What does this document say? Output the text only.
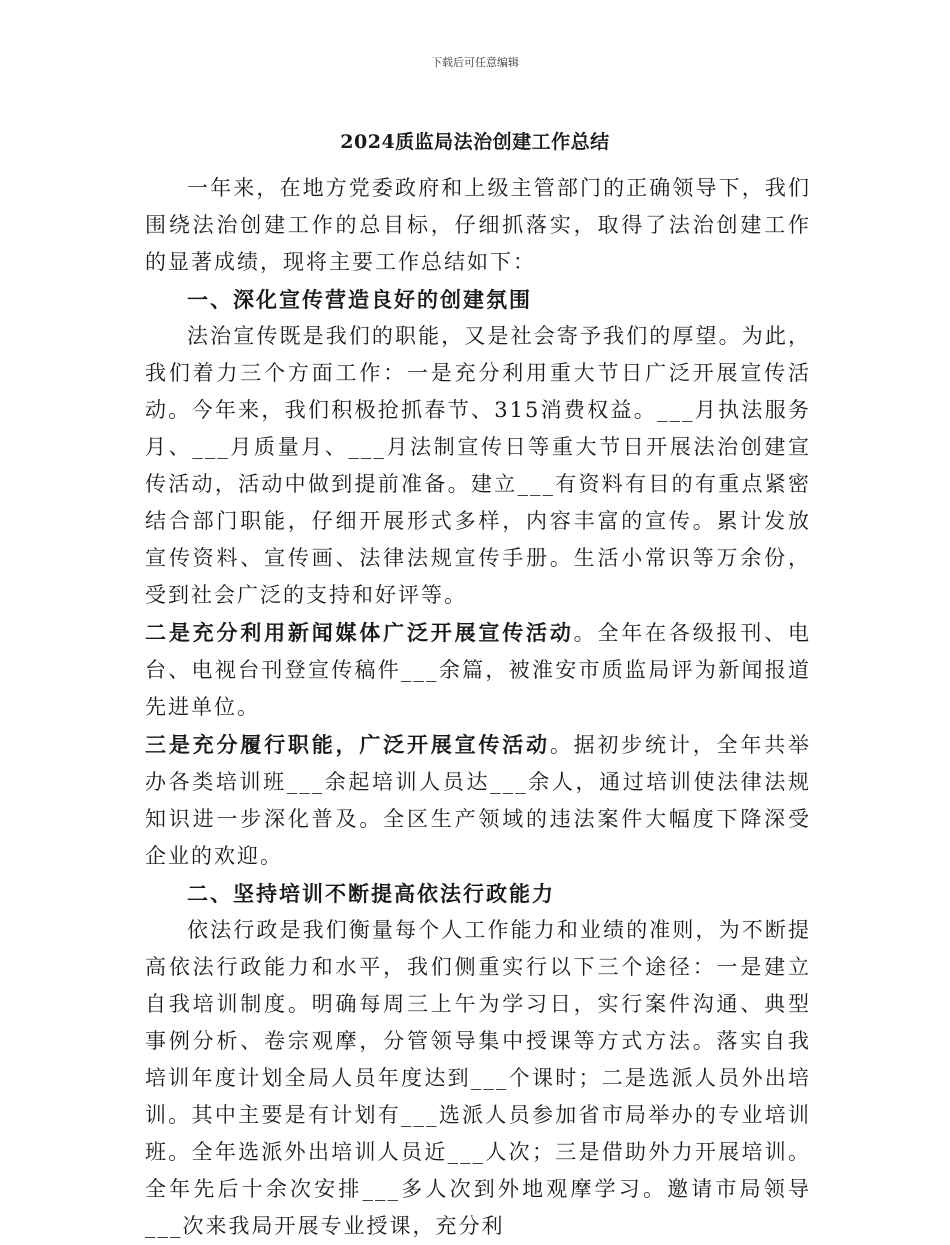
下载后可任意编辑
2024质监局法治创建工作总结

一年来，在地方党委政府和上级主管部门的正确领导下，我们围绕法治创建工作的总目标，仔细抓落实，取得了法治创建工作的显著成绩，现将主要工作总结如下：

一、深化宣传营造良好的创建氛围

法治宣传既是我们的职能，又是社会寄予我们的厚望。为此，我们着力三个方面工作：一是充分利用重大节日广泛开展宣传活动。今年来，我们积极抢抓春节、315消费权益。___月执法服务月、___月质量月、___月法制宣传日等重大节日开展法治创建宣传活动，活动中做到提前准备。建立___有资料有目的有重点紧密结合部门职能，仔细开展形式多样，内容丰富的宣传。累计发放宣传资料、宣传画、法律法规宣传手册。生活小常识等万余份，受到社会广泛的支持和好评等。

二是充分利用新闻媒体广泛开展宣传活动。全年在各级报刊、电台、电视台刊登宣传稿件___余篇，被淮安市质监局评为新闻报道先进单位。

三是充分履行职能，广泛开展宣传活动。据初步统计，全年共举办各类培训班___余起培训人员达___余人，通过培训使法律法规知识进一步深化普及。全区生产领域的违法案件大幅度下降深受企业的欢迎。

二、坚持培训不断提高依法行政能力

依法行政是我们衡量每个人工作能力和业绩的准则，为不断提高依法行政能力和水平，我们侧重实行以下三个途径：一是建立自我培训制度。明确每周三上午为学习日，实行案件沟通、典型事例分析、卷宗观摩，分管领导集中授课等方式方法。落实自我培训年度计划全局人员年度达到___个课时；二是选派人员外出培训。其中主要是有计划有___选派人员参加省市局举办的专业培训班。全年选派外出培训人员近___人次；三是借助外力开展培训。全年先后十余次安排___多人次到外地观摩学习。邀请市局领导___次来我局开展专业授课，充分利
